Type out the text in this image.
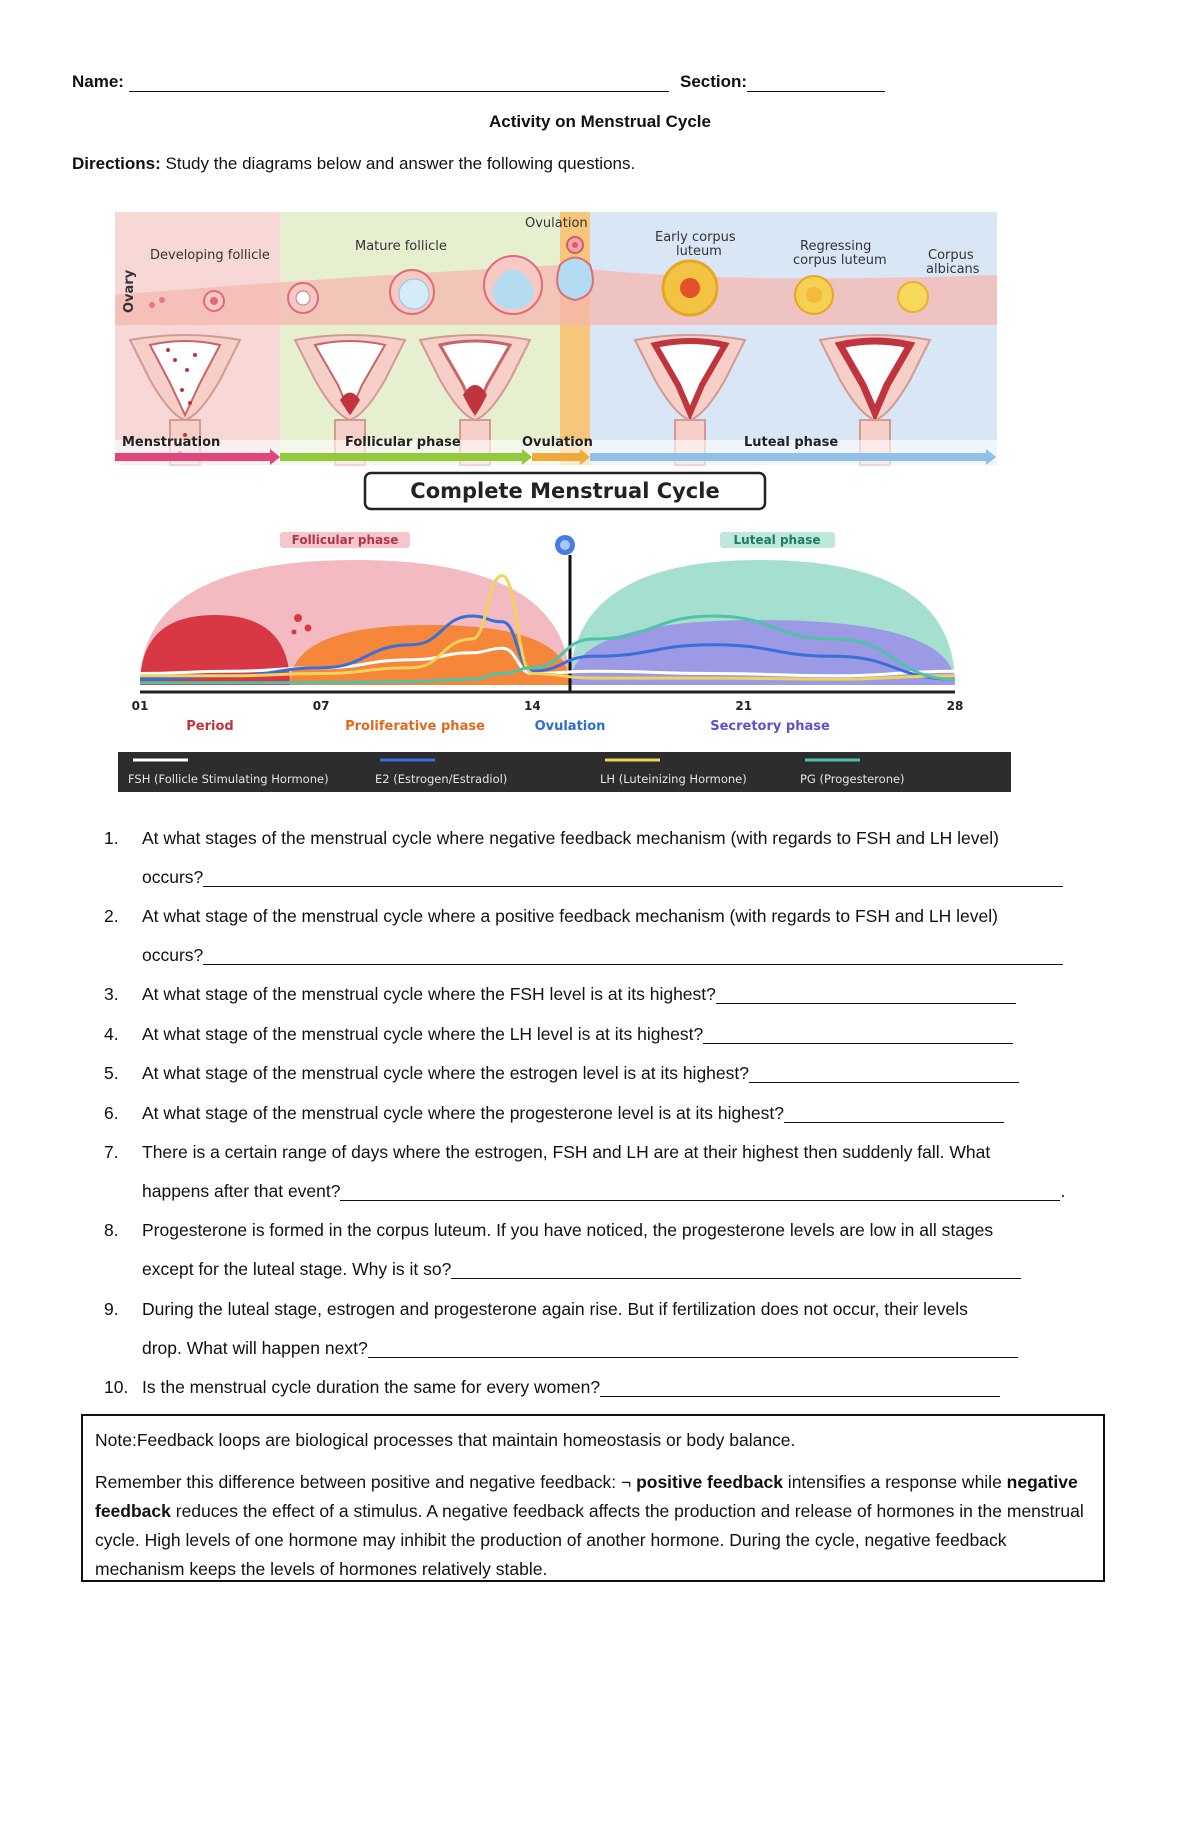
Name:	Section:
Activity on Menstrual Cycle
Directions: Study the diagrams below and answer the following questions.
Ovary
Developing follicle
Mature follicle
Ovulation
Early corpus
luteum	Regressing
corpus luteum	Corpus
albicans
Menstruation	Follicular phase	Ovulation	Luteal phase
Complete Menstrual Cycle
Follicular phase	Luteal phase
01	07	14	21	28
Period	Proliferative phase	Ovulation	Secretory phase
FSH (Follicle Stimulating Hormone)	E2 (Estrogen/Estradiol)	LH (Luteinizing Hormone)	PG (Progesterone)
1. At what stages of the menstrual cycle where negative feedback mechanism (with regards to FSH and LH level)
occurs?
2. At what stage of the menstrual cycle where a positive feedback mechanism (with regards to FSH and LH level)
occurs?
3. At what stage of the menstrual cycle where the FSH level is at its highest?
4. At what stage of the menstrual cycle where the LH level is at its highest?
5. At what stage of the menstrual cycle where the estrogen level is at its highest?
6. At what stage of the menstrual cycle where the progesterone level is at its highest?
7. There is a certain range of days where the estrogen, FSH and LH are at their highest then suddenly fall. What
happens after that event?	.
8. Progesterone is formed in the corpus luteum. If you have noticed, the progesterone levels are low in all stages
except for the luteal stage. Why is it so?
9. During the luteal stage, estrogen and progesterone again rise. But if fertilization does not occur, their levels
drop. What will happen next?
10. Is the menstrual cycle duration the same for every women?

Note:Feedback loops are biological processes that maintain homeostasis or body balance.

Remember this difference between positive and negative feedback: ¬ positive feedback intensifies a response while negative feedback reduces the effect of a stimulus. A negative feedback affects the production and release of hormones in the menstrual cycle. High levels of one hormone may inhibit the production of another hormone. During the cycle, negative feedback mechanism keeps the levels of hormones relatively stable.
